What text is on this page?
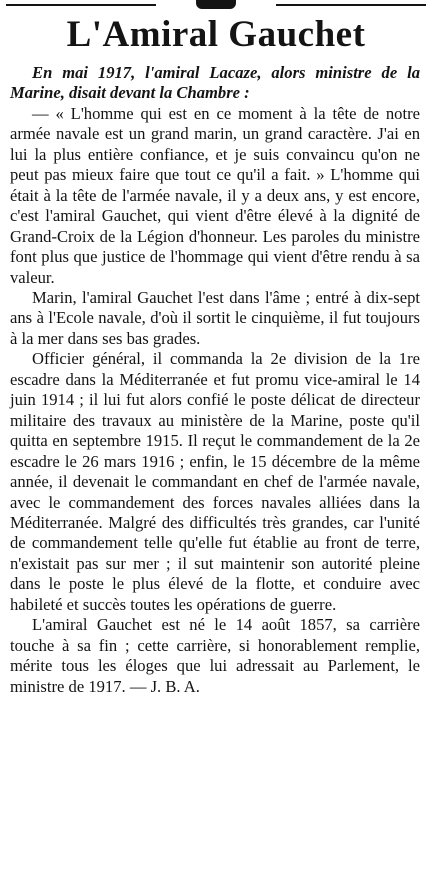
L'Amiral Gauchet

En mai 1917, l'amiral Lacaze, alors ministre de la Marine, disait devant la Chambre :

— « L'homme qui est en ce moment à la tête de notre armée navale est un grand marin, un grand caractère. J'ai en lui la plus entière confiance, et je suis convaincu qu'on ne peut pas mieux faire que tout ce qu'il a fait. » L'homme qui était à la tête de l'armée navale, il y a deux ans, y est encore, c'est l'amiral Gauchet, qui vient d'être élevé à la dignité de Grand-Croix de la Légion d'honneur. Les paroles du ministre font plus que justice de l'hommage qui vient d'être rendu à sa valeur.

Marin, l'amiral Gauchet l'est dans l'âme ; entré à dix-sept ans à l'Ecole navale, d'où il sortit le cinquième, il fut toujours à la mer dans ses bas grades.

Officier général, il commanda la 2e division de la 1re escadre dans la Méditerranée et fut promu vice-amiral le 14 juin 1914 ; il lui fut alors confié le poste délicat de directeur militaire des travaux au ministère de la Marine, poste qu'il quitta en septembre 1915. Il reçut le commandement de la 2e escadre le 26 mars 1916 ; enfin, le 15 décembre de la même année, il devenait le commandant en chef de l'armée navale, avec le commandement des forces navales alliées dans la Méditerranée. Malgré des difficultés très grandes, car l'unité de commandement telle qu'elle fut établie au front de terre, n'existait pas sur mer ; il sut maintenir son autorité pleine dans le poste le plus élevé de la flotte, et conduire avec habileté et succès toutes les opérations de guerre.

L'amiral Gauchet est né le 14 août 1857, sa carrière touche à sa fin ; cette carrière, si honorablement remplie, mérite tous les éloges que lui adressait au Parlement, le ministre de 1917. — J. B. A.
